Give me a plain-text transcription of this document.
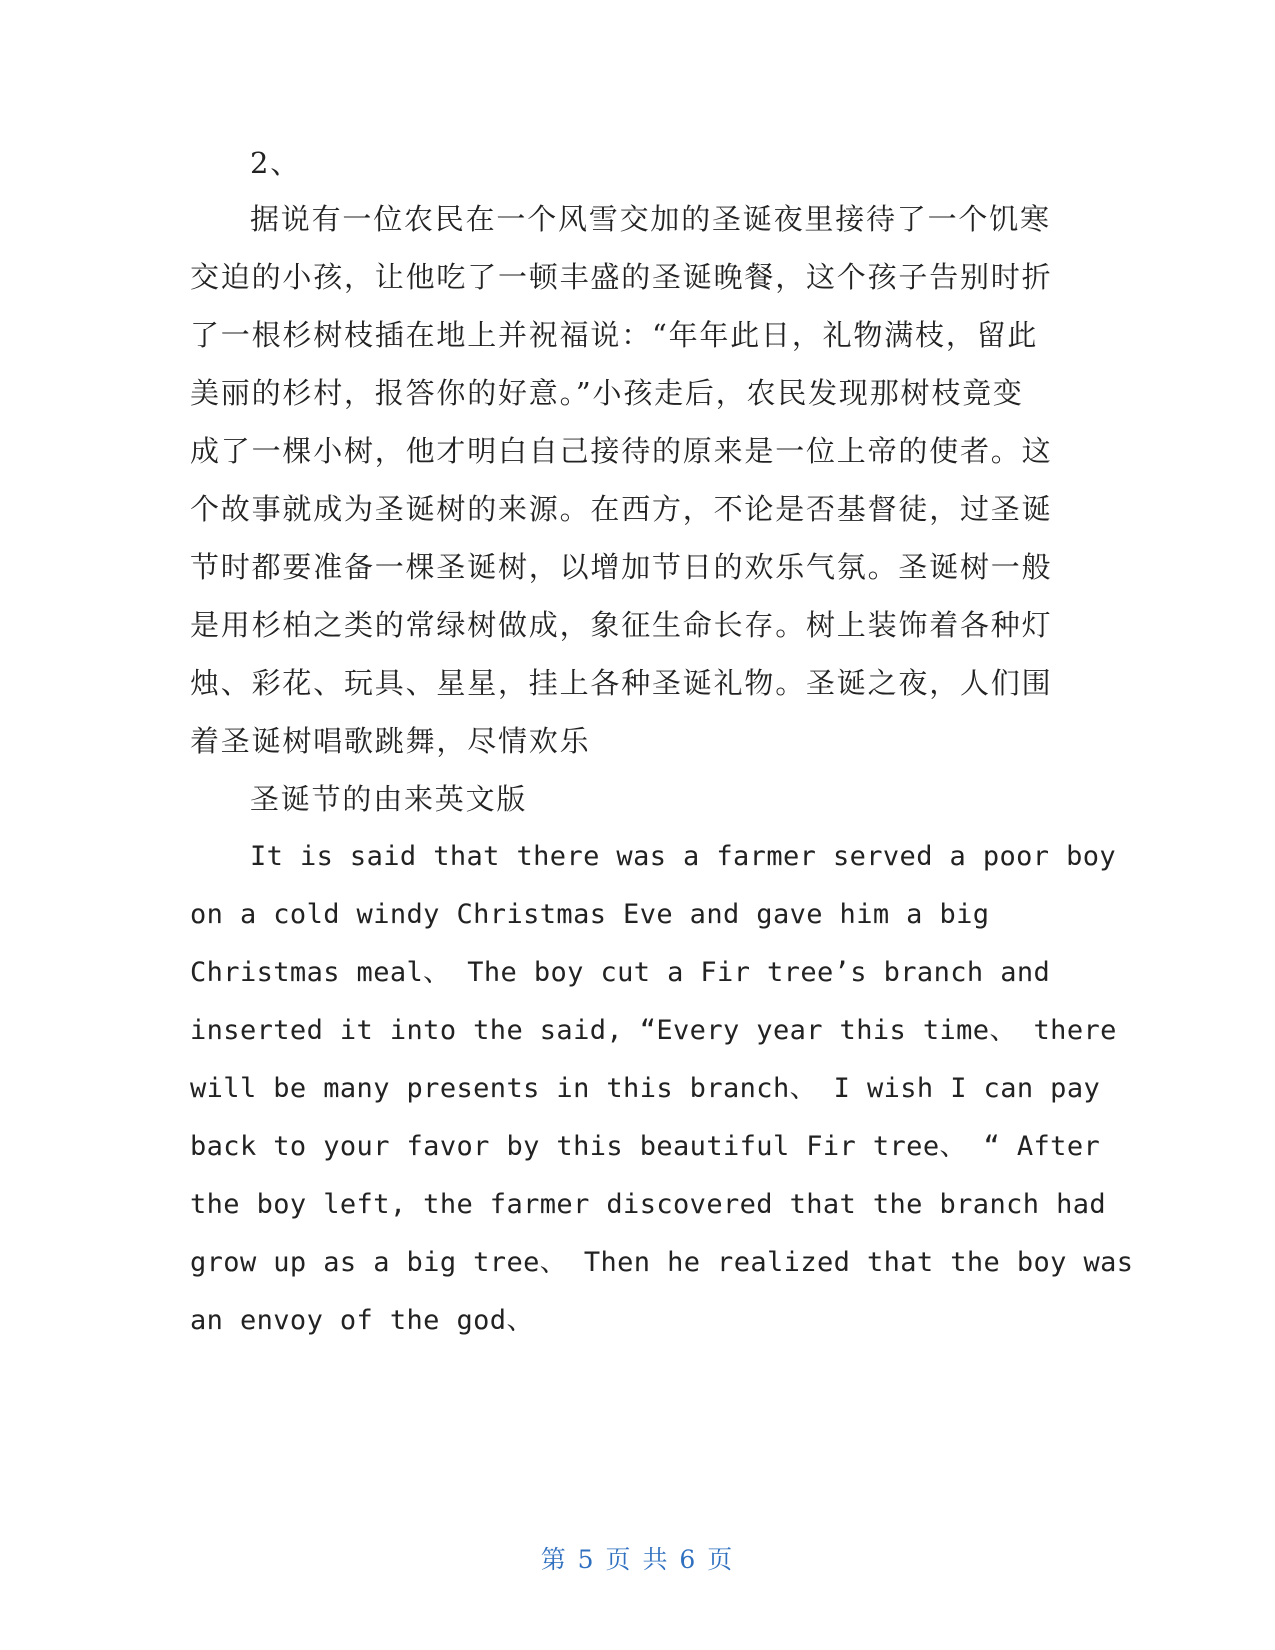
2、
据说有一位农民在一个风雪交加的圣诞夜里接待了一个饥寒
交迫的小孩，让他吃了一顿丰盛的圣诞晚餐，这个孩子告别时折
了一根杉树枝插在地上并祝福说：“年年此日，礼物满枝，留此
美丽的杉村，报答你的好意。”小孩走后，农民发现那树枝竟变
成了一棵小树，他才明白自己接待的原来是一位上帝的使者。这
个故事就成为圣诞树的来源。在西方，不论是否基督徒，过圣诞
节时都要准备一棵圣诞树，以增加节日的欢乐气氛。圣诞树一般
是用杉柏之类的常绿树做成，象征生命长存。树上装饰着各种灯
烛、彩花、玩具、星星，挂上各种圣诞礼物。圣诞之夜，人们围
着圣诞树唱歌跳舞，尽情欢乐
圣诞节的由来英文版
It is said that there was a farmer served a poor boy
on a cold windy Christmas Eve and gave him a big
Christmas meal、 The boy cut a Fir tree’s branch and
inserted it into the said, “Every year this time、 there
will be many presents in this branch、 I wish I can pay
back to your favor by this beautiful Fir tree、 “ After
the boy left, the farmer discovered that the branch had
grow up as a big tree、 Then he realized that the boy was
an envoy of the god、
第 5 页 共 6 页
